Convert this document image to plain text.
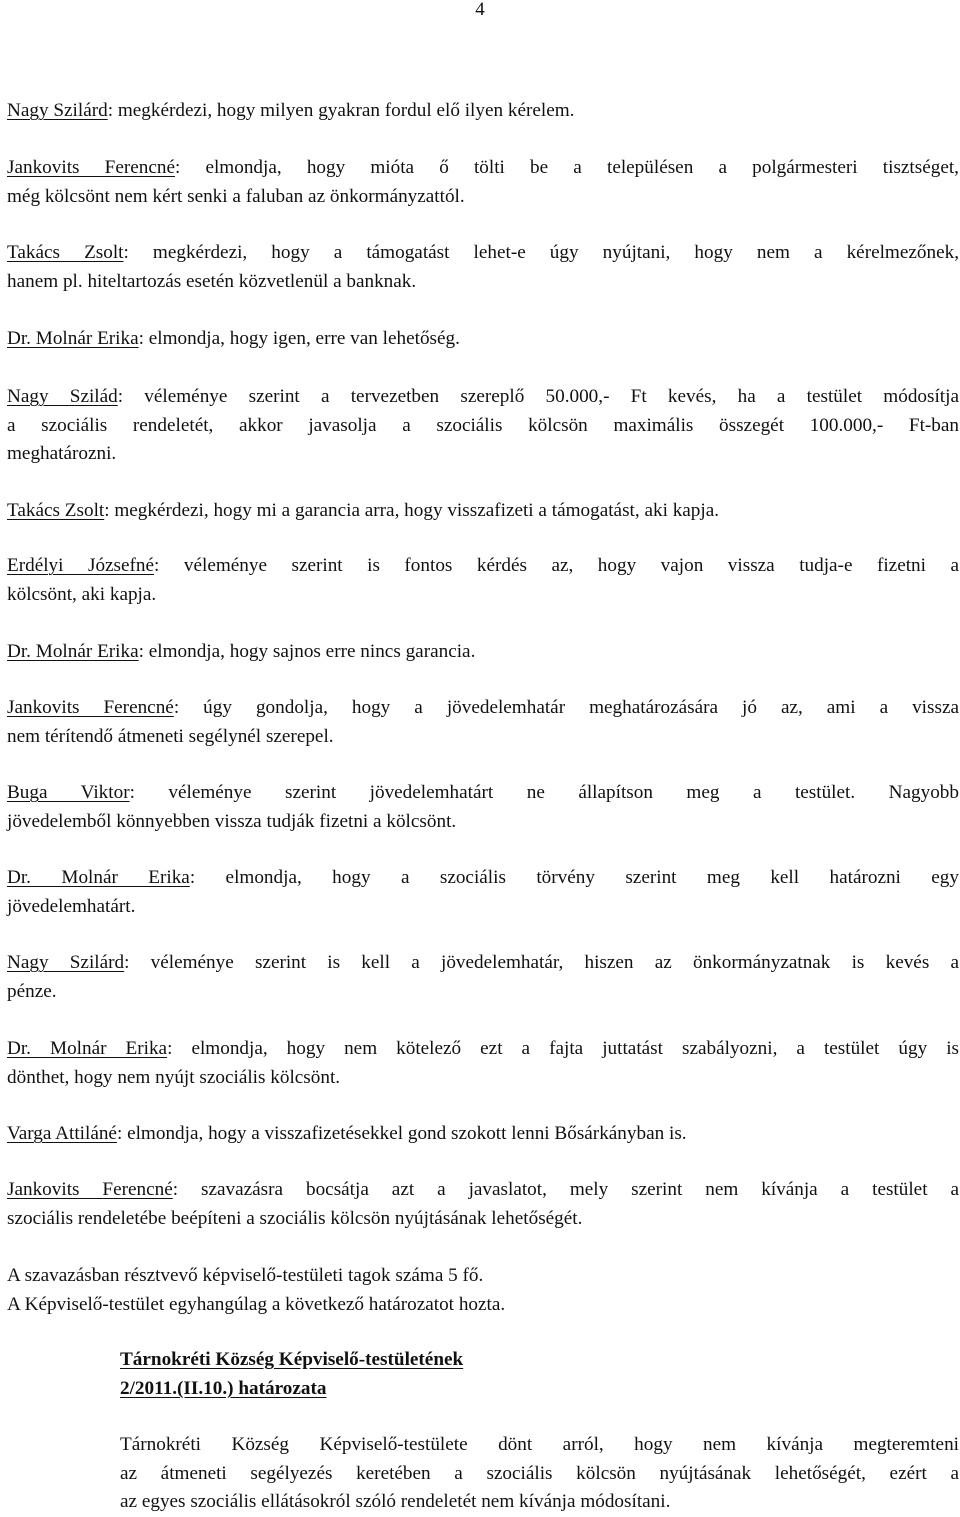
4
Nagy Szilárd: megkérdezi, hogy milyen gyakran fordul elő ilyen kérelem.
Jankovits Ferencné: elmondja, hogy mióta ő tölti be a településen a polgármesteri tisztséget,
még kölcsönt nem kért senki a faluban az önkormányzattól.
Takács Zsolt: megkérdezi, hogy a támogatást lehet-e úgy nyújtani, hogy nem a kérelmezőnek,
hanem pl. hiteltartozás esetén közvetlenül a banknak.
Dr. Molnár Erika: elmondja, hogy igen, erre van lehetőség.
Nagy Szilád: véleménye szerint a tervezetben szereplő 50.000,- Ft kevés, ha a testület módosítja
a szociális rendeletét, akkor javasolja a szociális kölcsön maximális összegét 100.000,- Ft-ban
meghatározni.
Takács Zsolt: megkérdezi, hogy mi a garancia arra, hogy visszafizeti a támogatást, aki kapja.
Erdélyi Józsefné: véleménye szerint is fontos kérdés az, hogy vajon vissza tudja-e fizetni a
kölcsönt, aki kapja.
Dr. Molnár Erika: elmondja, hogy sajnos erre nincs garancia.
Jankovits Ferencné: úgy gondolja, hogy a jövedelemhatár meghatározására jó az, ami a vissza
nem térítendő átmeneti segélynél szerepel.
Buga Viktor: véleménye szerint jövedelemhatárt ne állapítson meg a testület. Nagyobb
jövedelemből könnyebben vissza tudják fizetni a kölcsönt.
Dr. Molnár Erika: elmondja, hogy a szociális törvény szerint meg kell határozni egy
jövedelemhatárt.
Nagy Szilárd: véleménye szerint is kell a jövedelemhatár, hiszen az önkormányzatnak is kevés a
pénze.
Dr. Molnár Erika: elmondja, hogy nem kötelező ezt a fajta juttatást szabályozni, a testület úgy is
dönthet, hogy nem nyújt szociális kölcsönt.
Varga Attiláné: elmondja, hogy a visszafizetésekkel gond szokott lenni Bősárkányban is.
Jankovits Ferencné: szavazásra bocsátja azt a javaslatot, mely szerint nem kívánja a testület a
szociális rendeletébe beépíteni a szociális kölcsön nyújtásának lehetőségét.
A szavazásban résztvevő képviselő-testületi tagok száma 5 fő.
A Képviselő-testület egyhangúlag a következő határozatot hozta.
Tárnokréti Község Képviselő-testületének
2/2011.(II.10.) határozata
Tárnokréti Község Képviselő-testülete dönt arról, hogy nem kívánja megteremteni
az átmeneti segélyezés keretében a szociális kölcsön nyújtásának lehetőségét, ezért a
az egyes szociális ellátásokról szóló rendeletét nem kívánja módosítani.
